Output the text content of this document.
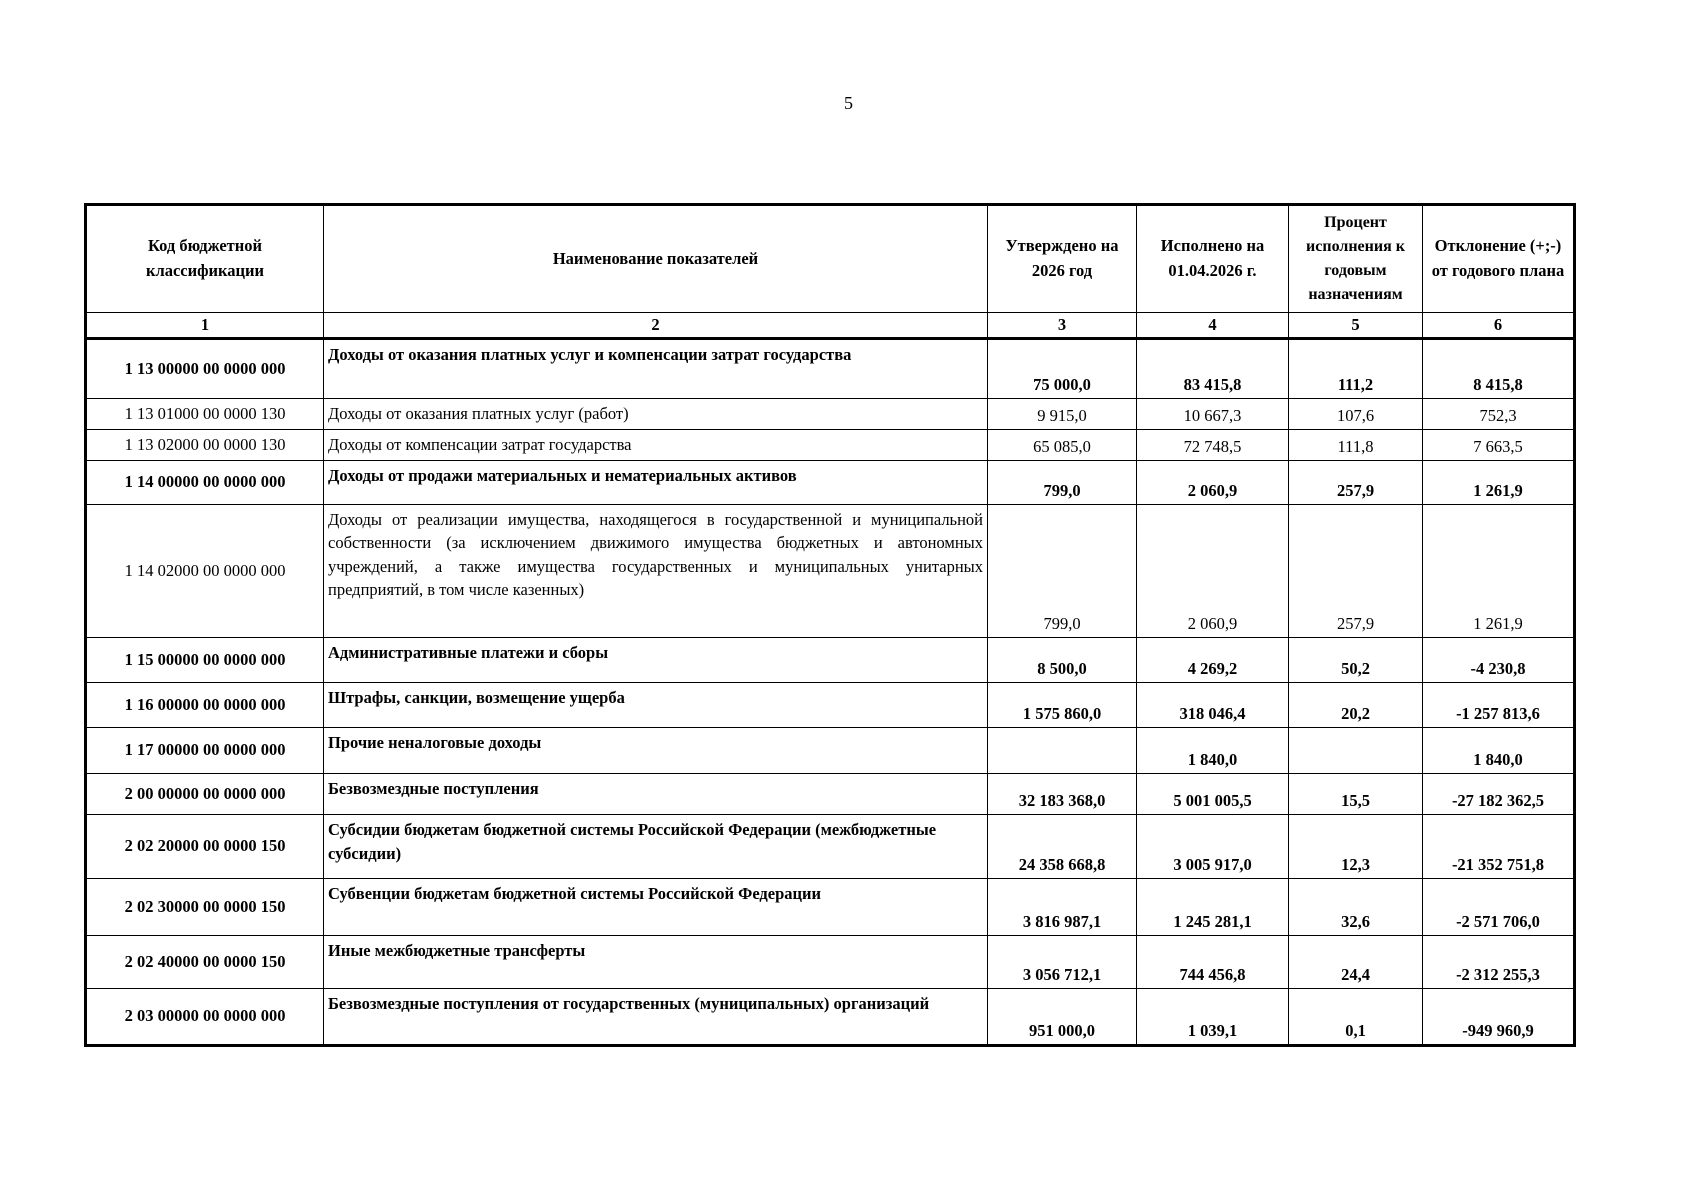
5
Код бюджетной классификации	Наименование показателей	Утверждено на 2026 год	Исполнено на 01.04.2026 г.	Процент исполнения к годовым назначениям	Отклонение (+;-) от годового плана
1	2	3	4	5	6
1 13 00000 00 0000 000	Доходы от оказания платных услуг и компенсации затрат государства	75 000,0	83 415,8	111,2	8 415,8
1 13 01000 00 0000 130	Доходы от оказания платных услуг (работ)	9 915,0	10 667,3	107,6	752,3
1 13 02000 00 0000 130	Доходы от компенсации затрат государства	65 085,0	72 748,5	111,8	7 663,5
1 14 00000 00 0000 000	Доходы от продажи материальных и нематериальных активов	799,0	2 060,9	257,9	1 261,9
1 14 02000 00 0000 000	Доходы от реализации имущества, находящегося в государственной и муниципальной собственности (за исключением движимого имущества бюджетных и автономных учреждений, а также имущества государственных и муниципальных унитарных предприятий, в том числе казенных)	799,0	2 060,9	257,9	1 261,9
1 15 00000 00 0000 000	Административные платежи и сборы	8 500,0	4 269,2	50,2	-4 230,8
1 16 00000 00 0000 000	Штрафы, санкции, возмещение ущерба	1 575 860,0	318 046,4	20,2	-1 257 813,6
1 17 00000 00 0000 000	Прочие неналоговые доходы		1 840,0		1 840,0
2 00 00000 00 0000 000	Безвозмездные поступления	32 183 368,0	5 001 005,5	15,5	-27 182 362,5
2 02 20000 00 0000 150	Субсидии бюджетам бюджетной системы Российской Федерации (межбюджетные субсидии)	24 358 668,8	3 005 917,0	12,3	-21 352 751,8
2 02 30000 00 0000 150	Субвенции бюджетам бюджетной системы Российской Федерации	3 816 987,1	1 245 281,1	32,6	-2 571 706,0
2 02 40000 00 0000 150	Иные межбюджетные трансферты	3 056 712,1	744 456,8	24,4	-2 312 255,3
2 03 00000 00 0000 000	Безвозмездные поступления от государственных (муниципальных) организаций	951 000,0	1 039,1	0,1	-949 960,9
